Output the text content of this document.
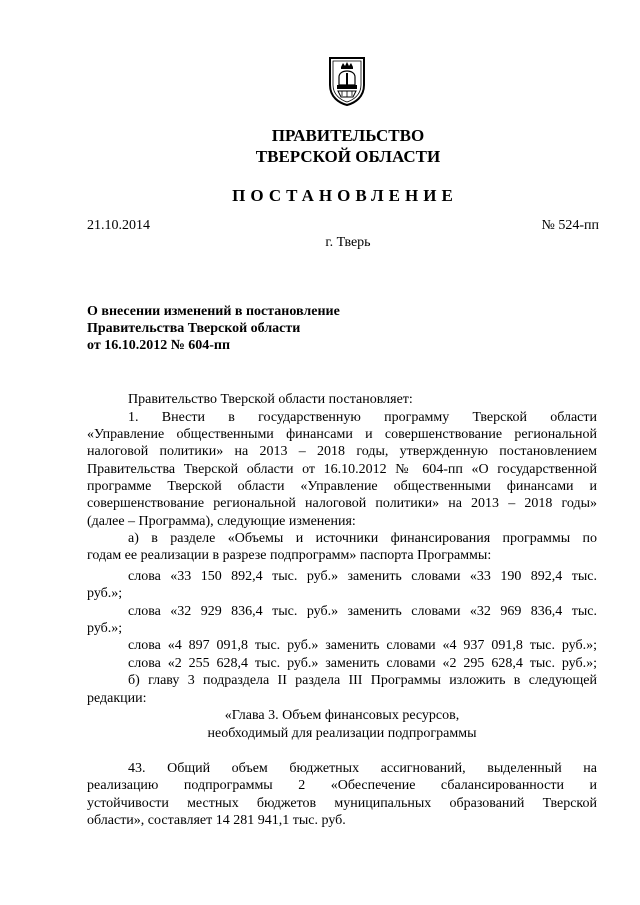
ПРАВИТЕЛЬСТВО
ТВЕРСКОЙ ОБЛАСТИ
ПОСТАНОВЛЕНИЕ
21.10.2014	№ 524-пп
г. Тверь
О внесении изменений в постановление
Правительства Тверской области
от 16.10.2012 № 604-пп
Правительство Тверской области постановляет:
1. Внести в государственную программу Тверской области
«Управление общественными финансами и совершенствование региональной
налоговой политики» на 2013 – 2018 годы, утвержденную постановлением
Правительства Тверской области от 16.10.2012 № 604-пп «О государственной
программе Тверской области «Управление общественными финансами и
совершенствование региональной налоговой политики» на 2013 – 2018 годы»
(далее – Программа), следующие изменения:
а) в разделе «Объемы и источники финансирования программы по
годам ее реализации в разрезе подпрограмм» паспорта Программы:
слова «33 150 892,4 тыс. руб.» заменить словами «33 190 892,4 тыс.
руб.»;
слова «32 929 836,4 тыс. руб.» заменить словами «32 969 836,4 тыс.
руб.»;
слова «4 897 091,8 тыс. руб.» заменить словами «4 937 091,8 тыс. руб.»;
слова «2 255 628,4 тыс. руб.» заменить словами «2 295 628,4 тыс. руб.»;
б) главу 3 подраздела II раздела III Программы изложить в следующей
редакции:
«Глава 3. Объем финансовых ресурсов,
необходимый для реализации подпрограммы
43. Общий объем бюджетных ассигнований, выделенный на
реализацию подпрограммы 2 «Обеспечение сбалансированности и
устойчивости местных бюджетов муниципальных образований Тверской
области», составляет 14 281 941,1 тыс. руб.
